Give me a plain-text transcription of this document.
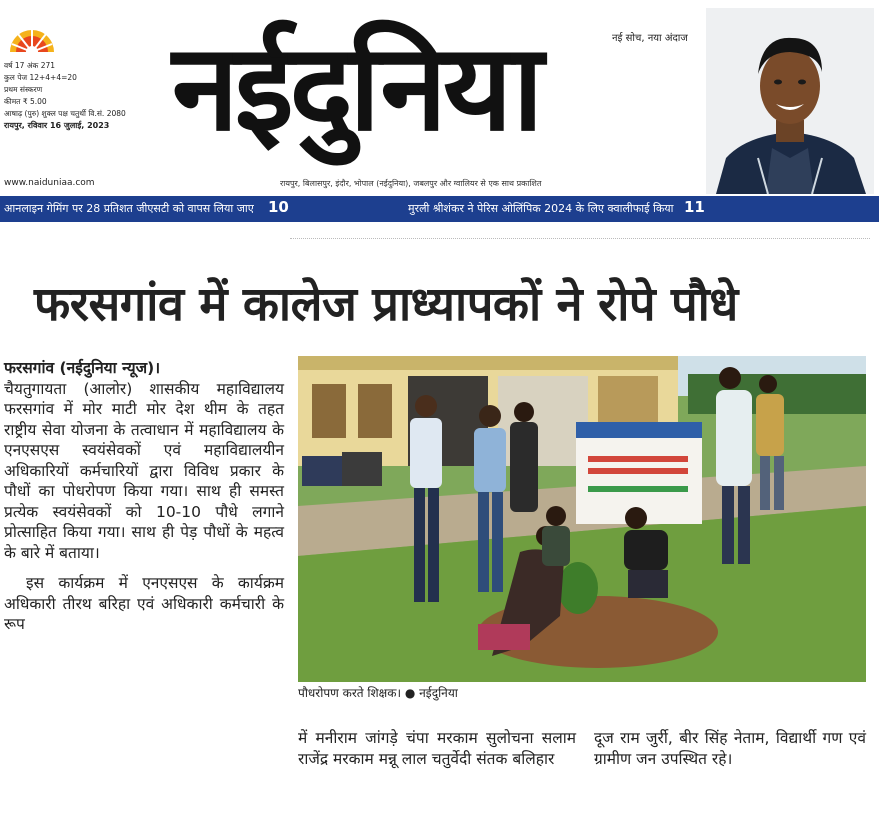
वर्ष 17 अंक 271
कुल पेज 12+4+4=20
प्रथम संस्करण
कीमत ₹ 5.00
आषाढ़ (पुरु) शुक्ल पक्ष चतुर्थी वि.सं. 2080
रायपुर, रविवार 16 जुलाई, 2023 नईदुनिया	नई सोच, नया अंदाज
www.naiduniaa.com	रायपुर, बिलासपुर, इंदौर, भोपाल (नईदुनिया), जबलपुर और ग्वालियर से एक साथ प्रकाशित
आनलाइन गेमिंग पर 28 प्रतिशत जीएसटी को वापस लिया जाए 10	मुरली श्रीशंकर ने पेरिस ओलिंपिक 2024 के लिए क्वालीफाई किया 11
फरसगांव में कालेज प्राध्यापकों ने रोपे पौधे

फरसगांव (नईदुनिया न्यूज)।

चैयतुगायता (आलोर) शासकीय महाविद्यालय फरसगांव में मोर माटी मोर देश थीम के तहत राष्ट्रीय सेवा योजना के तत्वाधान में महाविद्यालय के एनएसएस स्वयंसेवकों एवं महाविद्यालयीन अधिकारियों कर्मचारियों द्वारा विविध प्रकार के पौधों का पोधरोपण किया गया। साथ ही समस्त प्रत्येक स्वयंसेवकों को 10-10 पौधे लगाने प्रोत्साहित किया गया। साथ ही पेड़ पौधों के महत्व के बारे में बताया।

इस कार्यक्रम में एनएसएस के कार्यक्रम अधिकारी तीरथ बरिहा एवं अधिकारी कर्मचारी के रूप

पौधरोपण करते शिक्षक। ● नईदुनिया
में मनीराम जांगड़े चंपा मरकाम सुलोचना सलाम राजेंद्र मरकाम मन्नू लाल चतुर्वेदी संतक बलिहार
दूज राम जुर्री, बीर सिंह नेताम, विद्यार्थी गण एवं ग्रामीण जन उपस्थित रहे।
